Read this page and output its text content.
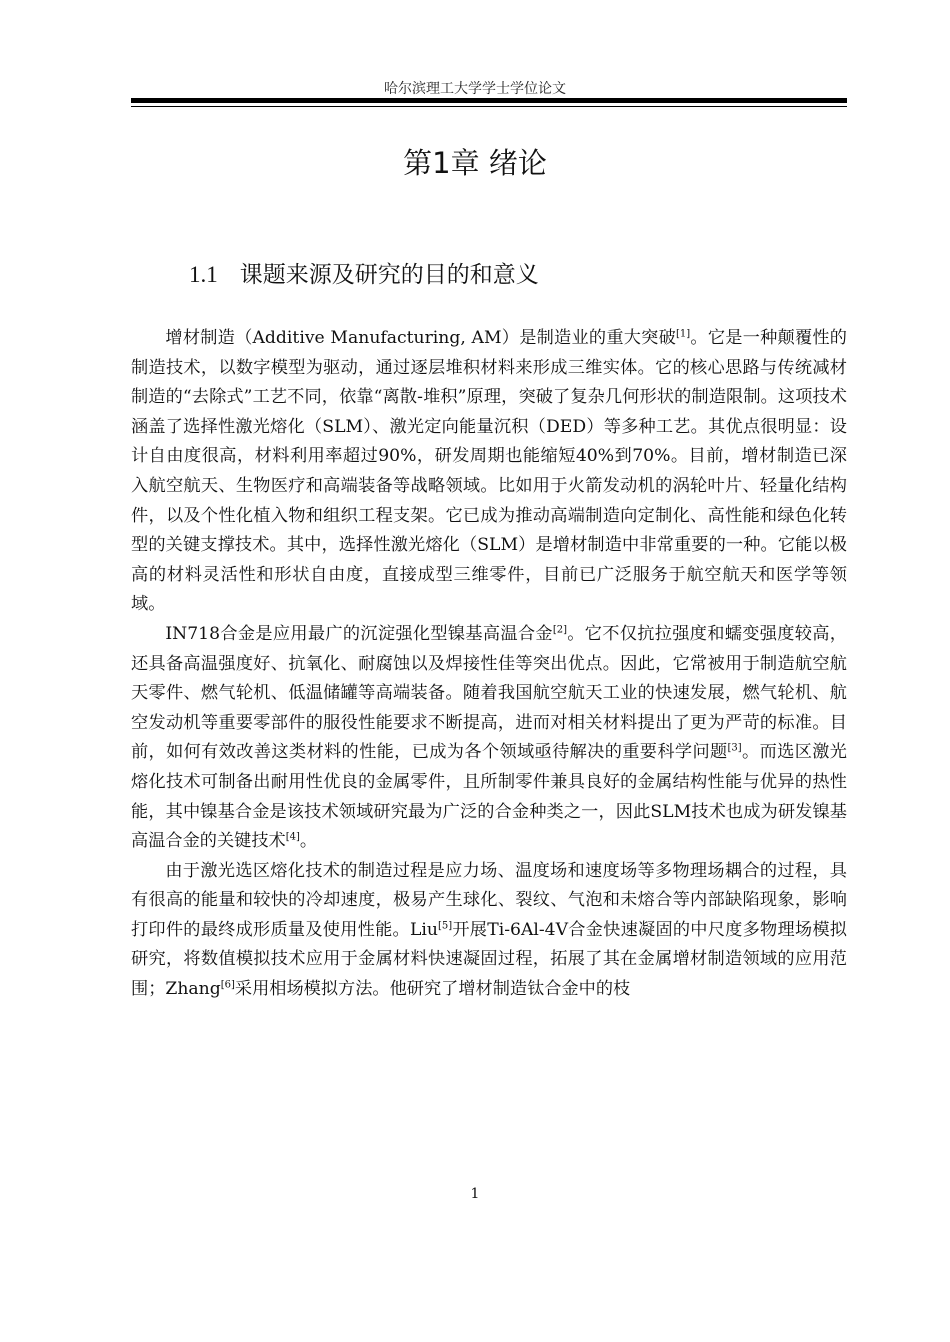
哈尔滨理工大学学士学位论文
第1章 绪论
1.1 课题来源及研究的目的和意义

增材制造（Additive Manufacturing, AM）是制造业的重大突破[1]。它是一种颠覆性的制造技术，以数字模型为驱动，通过逐层堆积材料来形成三维实体。它的核心思路与传统减材制造的“去除式”工艺不同，依靠“离散-堆积”原理，突破了复杂几何形状的制造限制。这项技术涵盖了选择性激光熔化（SLM）、激光定向能量沉积（DED）等多种工艺。其优点很明显：设计自由度很高，材料利用率超过90%，研发周期也能缩短40%到70%。目前，增材制造已深入航空航天、生物医疗和高端装备等战略领域。比如用于火箭发动机的涡轮叶片、轻量化结构件，以及个性化植入物和组织工程支架。它已成为推动高端制造向定制化、高性能和绿色化转型的关键支撑技术。其中，选择性激光熔化（SLM）是增材制造中非常重要的一种。它能以极高的材料灵活性和形状自由度，直接成型三维零件，目前已广泛服务于航空航天和医学等领域。

IN718合金是应用最广的沉淀强化型镍基高温合金[2]。它不仅抗拉强度和蠕变强度较高，还具备高温强度好、抗氧化、耐腐蚀以及焊接性佳等突出优点。因此，它常被用于制造航空航天零件、燃气轮机、低温储罐等高端装备。随着我国航空航天工业的快速发展，燃气轮机、航空发动机等重要零部件的服役性能要求不断提高，进而对相关材料提出了更为严苛的标准。目前，如何有效改善这类材料的性能，已成为各个领域亟待解决的重要科学问题[3]。而选区激光熔化技术可制备出耐用性优良的金属零件，且所制零件兼具良好的金属结构性能与优异的热性能，其中镍基合金是该技术领域研究最为广泛的合金种类之一，因此SLM技术也成为研发镍基高温合金的关键技术[4]。

由于激光选区熔化技术的制造过程是应力场、温度场和速度场等多物理场耦合的过程，具有很高的能量和较快的冷却速度，极易产生球化、裂纹、气泡和未熔合等内部缺陷现象，影响打印件的最终成形质量及使用性能。Liu[5]开展Ti-6Al-4V合金快速凝固的中尺度多物理场模拟研究，将数值模拟技术应用于金属材料快速凝固过程，拓展了其在金属增材制造领域的应用范围；Zhang[6]采用相场模拟方法。他研究了增材制造钛合金中的枝

1
